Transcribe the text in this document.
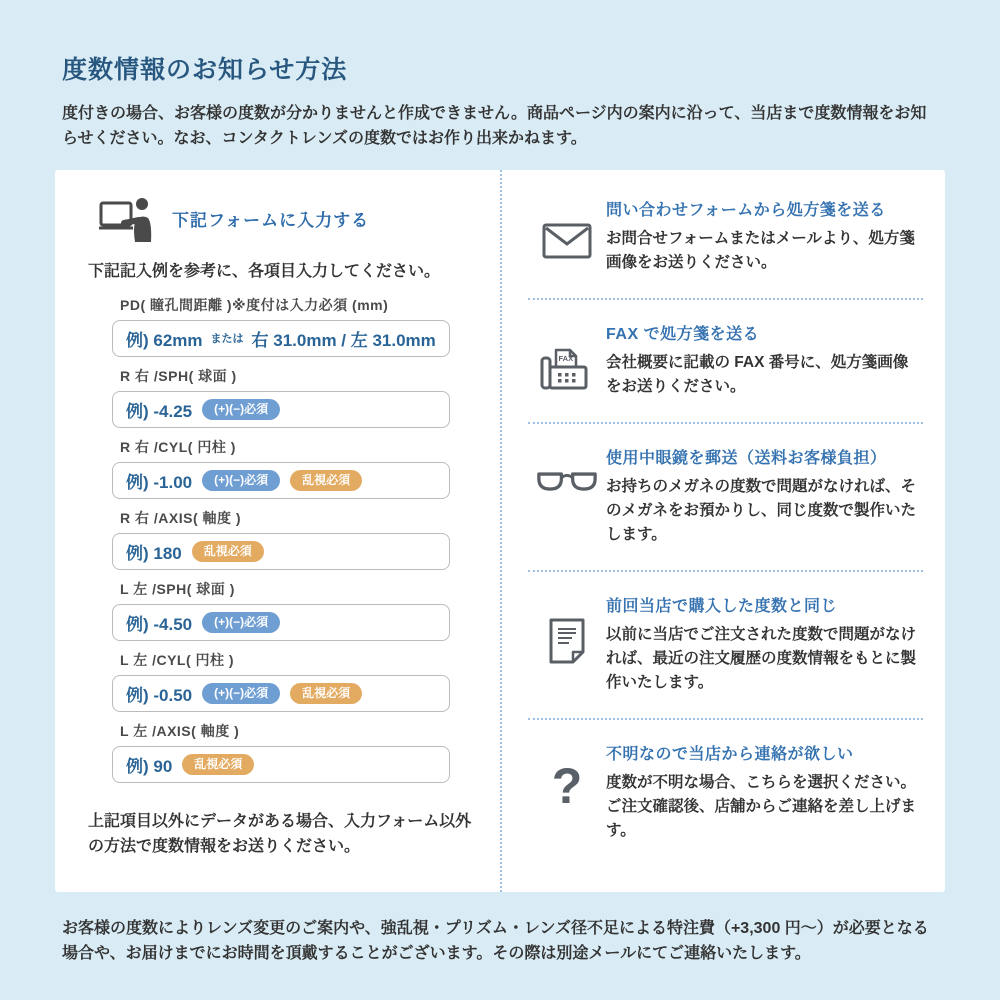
度数情報のお知らせ方法
度付きの場合、お客様の度数が分かりませんと作成できません。商品ページ内の案内に沿って、当店まで度数情報をお知らせください。なお、コンタクトレンズの度数ではお作り出来かねます。
下記フォームに入力する
下記記入例を参考に、各項目入力してください。
PD( 瞳孔間距離 )※度付は入力必須 (mm)
例) 62mm または 右 31.0mm / 左 31.0mm
R 右 /SPH( 球面 )
例) -4.25	(+)(−)必須
R 右 /CYL( 円柱 )
例) -1.00	(+)(−)必須	乱視必須
R 右 /AXIS( 軸度 )
例) 180	乱視必須
L 左 /SPH( 球面 )
例) -4.50	(+)(−)必須
L 左 /CYL( 円柱 )
例) -0.50	(+)(−)必須	乱視必須
L 左 /AXIS( 軸度 )
例) 90	乱視必須
上記項目以外にデータがある場合、入力フォーム以外の方法で度数情報をお送りください。
問い合わせフォームから処方箋を送る
お問合せフォームまたはメールより、処方箋画像をお送りください。
FAX
FAX で処方箋を送る
会社概要に記載の FAX 番号に、処方箋画像をお送りください。
使用中眼鏡を郵送（送料お客様負担）
お持ちのメガネの度数で問題がなければ、そのメガネをお預かりし、同じ度数で製作いたします。
前回当店で購入した度数と同じ
以前に当店でご注文された度数で問題がなければ、最近の注文履歴の度数情報をもとに製作いたします。
?
不明なので当店から連絡が欲しい
度数が不明な場合、こちらを選択ください。ご注文確認後、店舗からご連絡を差し上げます。
お客様の度数によりレンズ変更のご案内や、強乱視・プリズム・レンズ径不足による特注費（+3,300 円〜）が必要となる場合や、お届けまでにお時間を頂戴することがございます。その際は別途メールにてご連絡いたします。
